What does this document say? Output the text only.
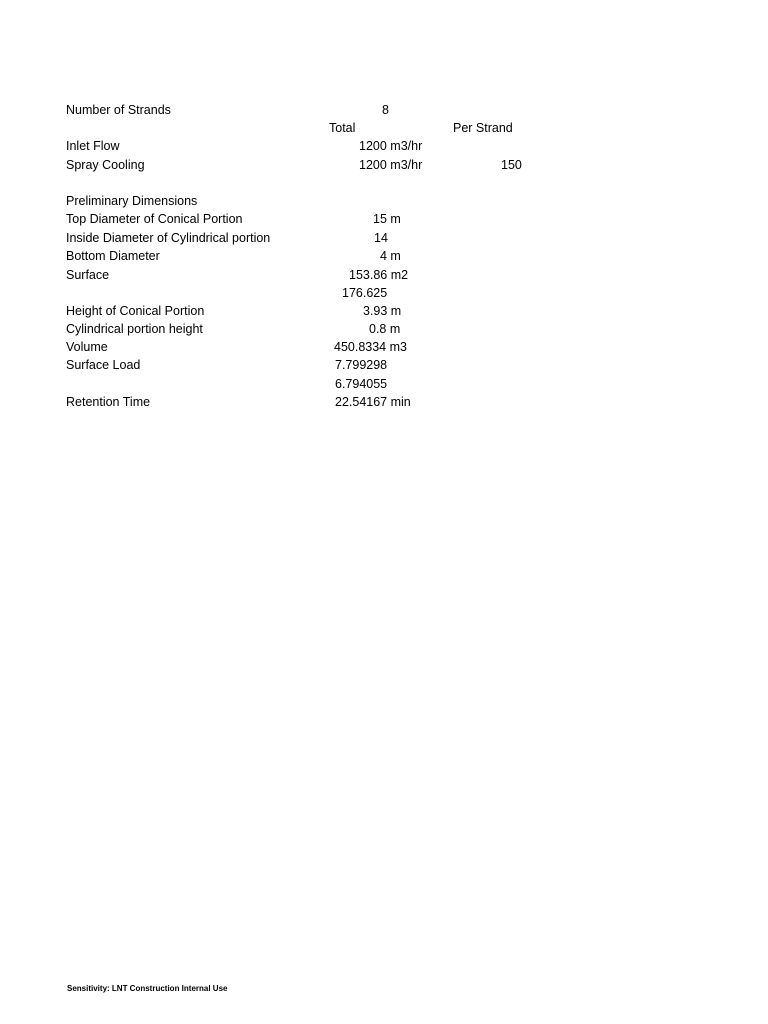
Number of Strands	8
Total	Per Strand
Inlet Flow	1200 m3/hr
Spray Cooling	1200 m3/hr	150
Preliminary Dimensions
Top Diameter of Conical Portion	15 m
Inside Diameter of Cylindrical portion	14
Bottom Diameter	4 m
Surface	153.86 m2
176.625
Height of Conical Portion	3.93 m
Cylindrical portion height	0.8 m
Volume	450.8334 m3
Surface Load	7.799298
6.794055
Retention Time	22.54167 min
Sensitivity: LNT Construction Internal Use
